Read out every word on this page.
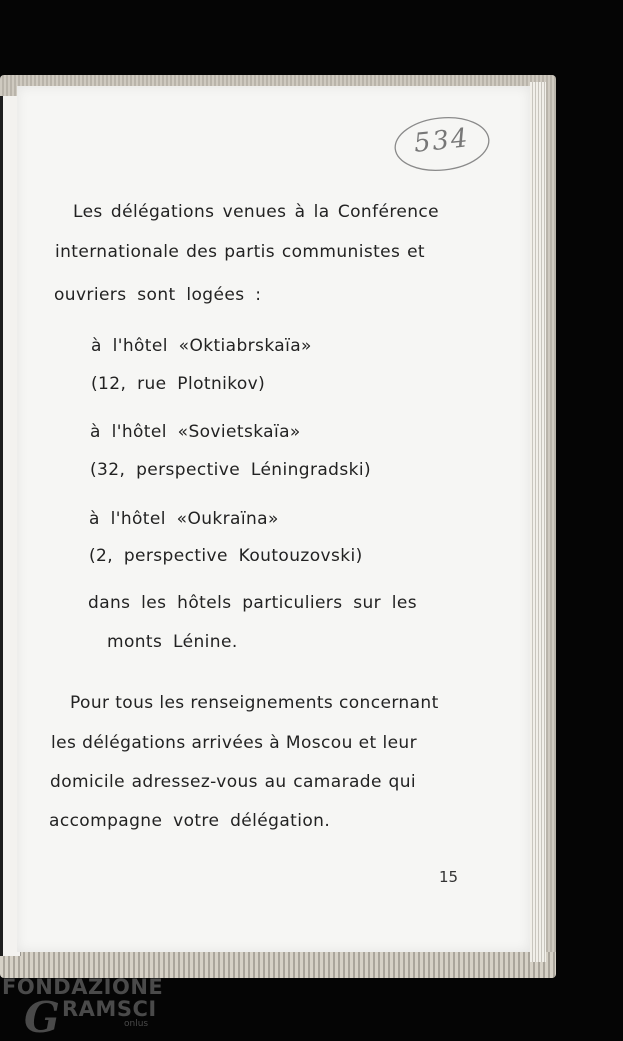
534
Les délégations venues à la Conférence
internationale des partis communistes et
ouvriers sont logées :
à l'hôtel «Oktiabrskaïa»
(12, rue Plotnikov)
à l'hôtel «Sovietskaïa»
(32, perspective Léningradski)
à l'hôtel «Oukraïna»
(2, perspective Koutouzovski)
dans les hôtels particuliers sur les
monts Lénine.
Pour tous les renseignements concernant
les délégations arrivées à Moscou et leur
domicile adressez-vous au camarade qui
accompagne votre délégation.
15
FONDAZIONE
G RAMSCI
onlus
